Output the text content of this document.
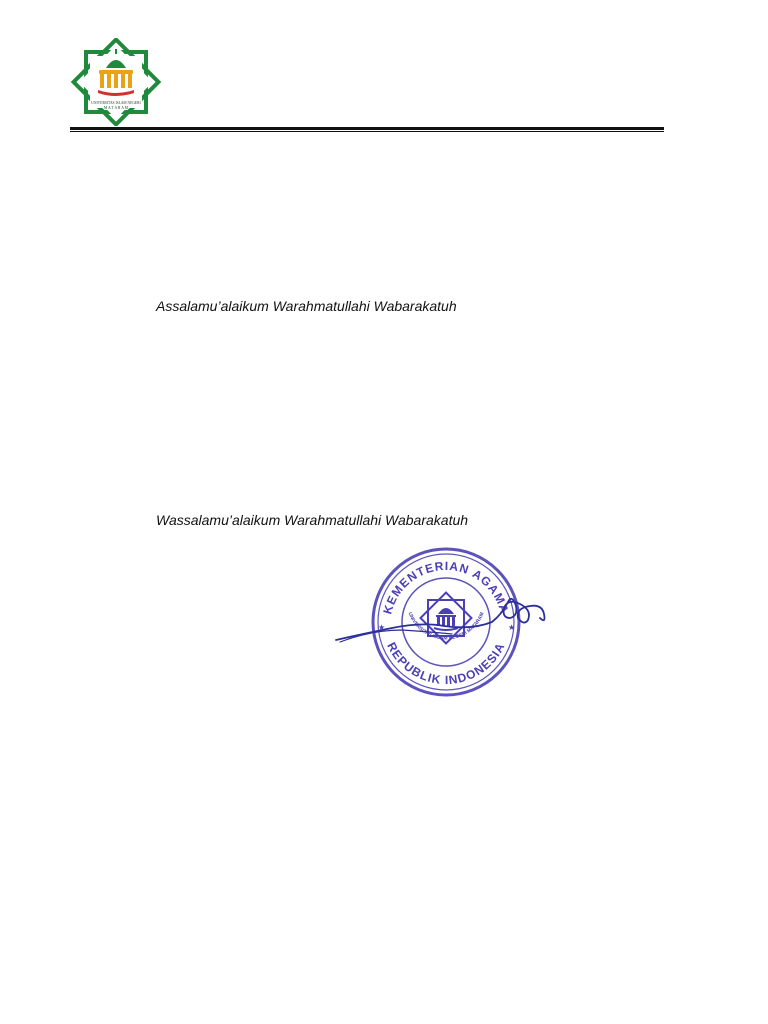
UNIVERSITAS ISLAM NEGERI
M A T A R A M
Assalamu’alaikum Warahmatullahi Wabarakatuh
Wassalamu’alaikum Warahmatullahi Wabarakatuh
KEMENTERIAN AGAMA
REPUBLIK INDONESIA
UNIVERSITAS ISLAM NEGERI MATARAM
★	★
